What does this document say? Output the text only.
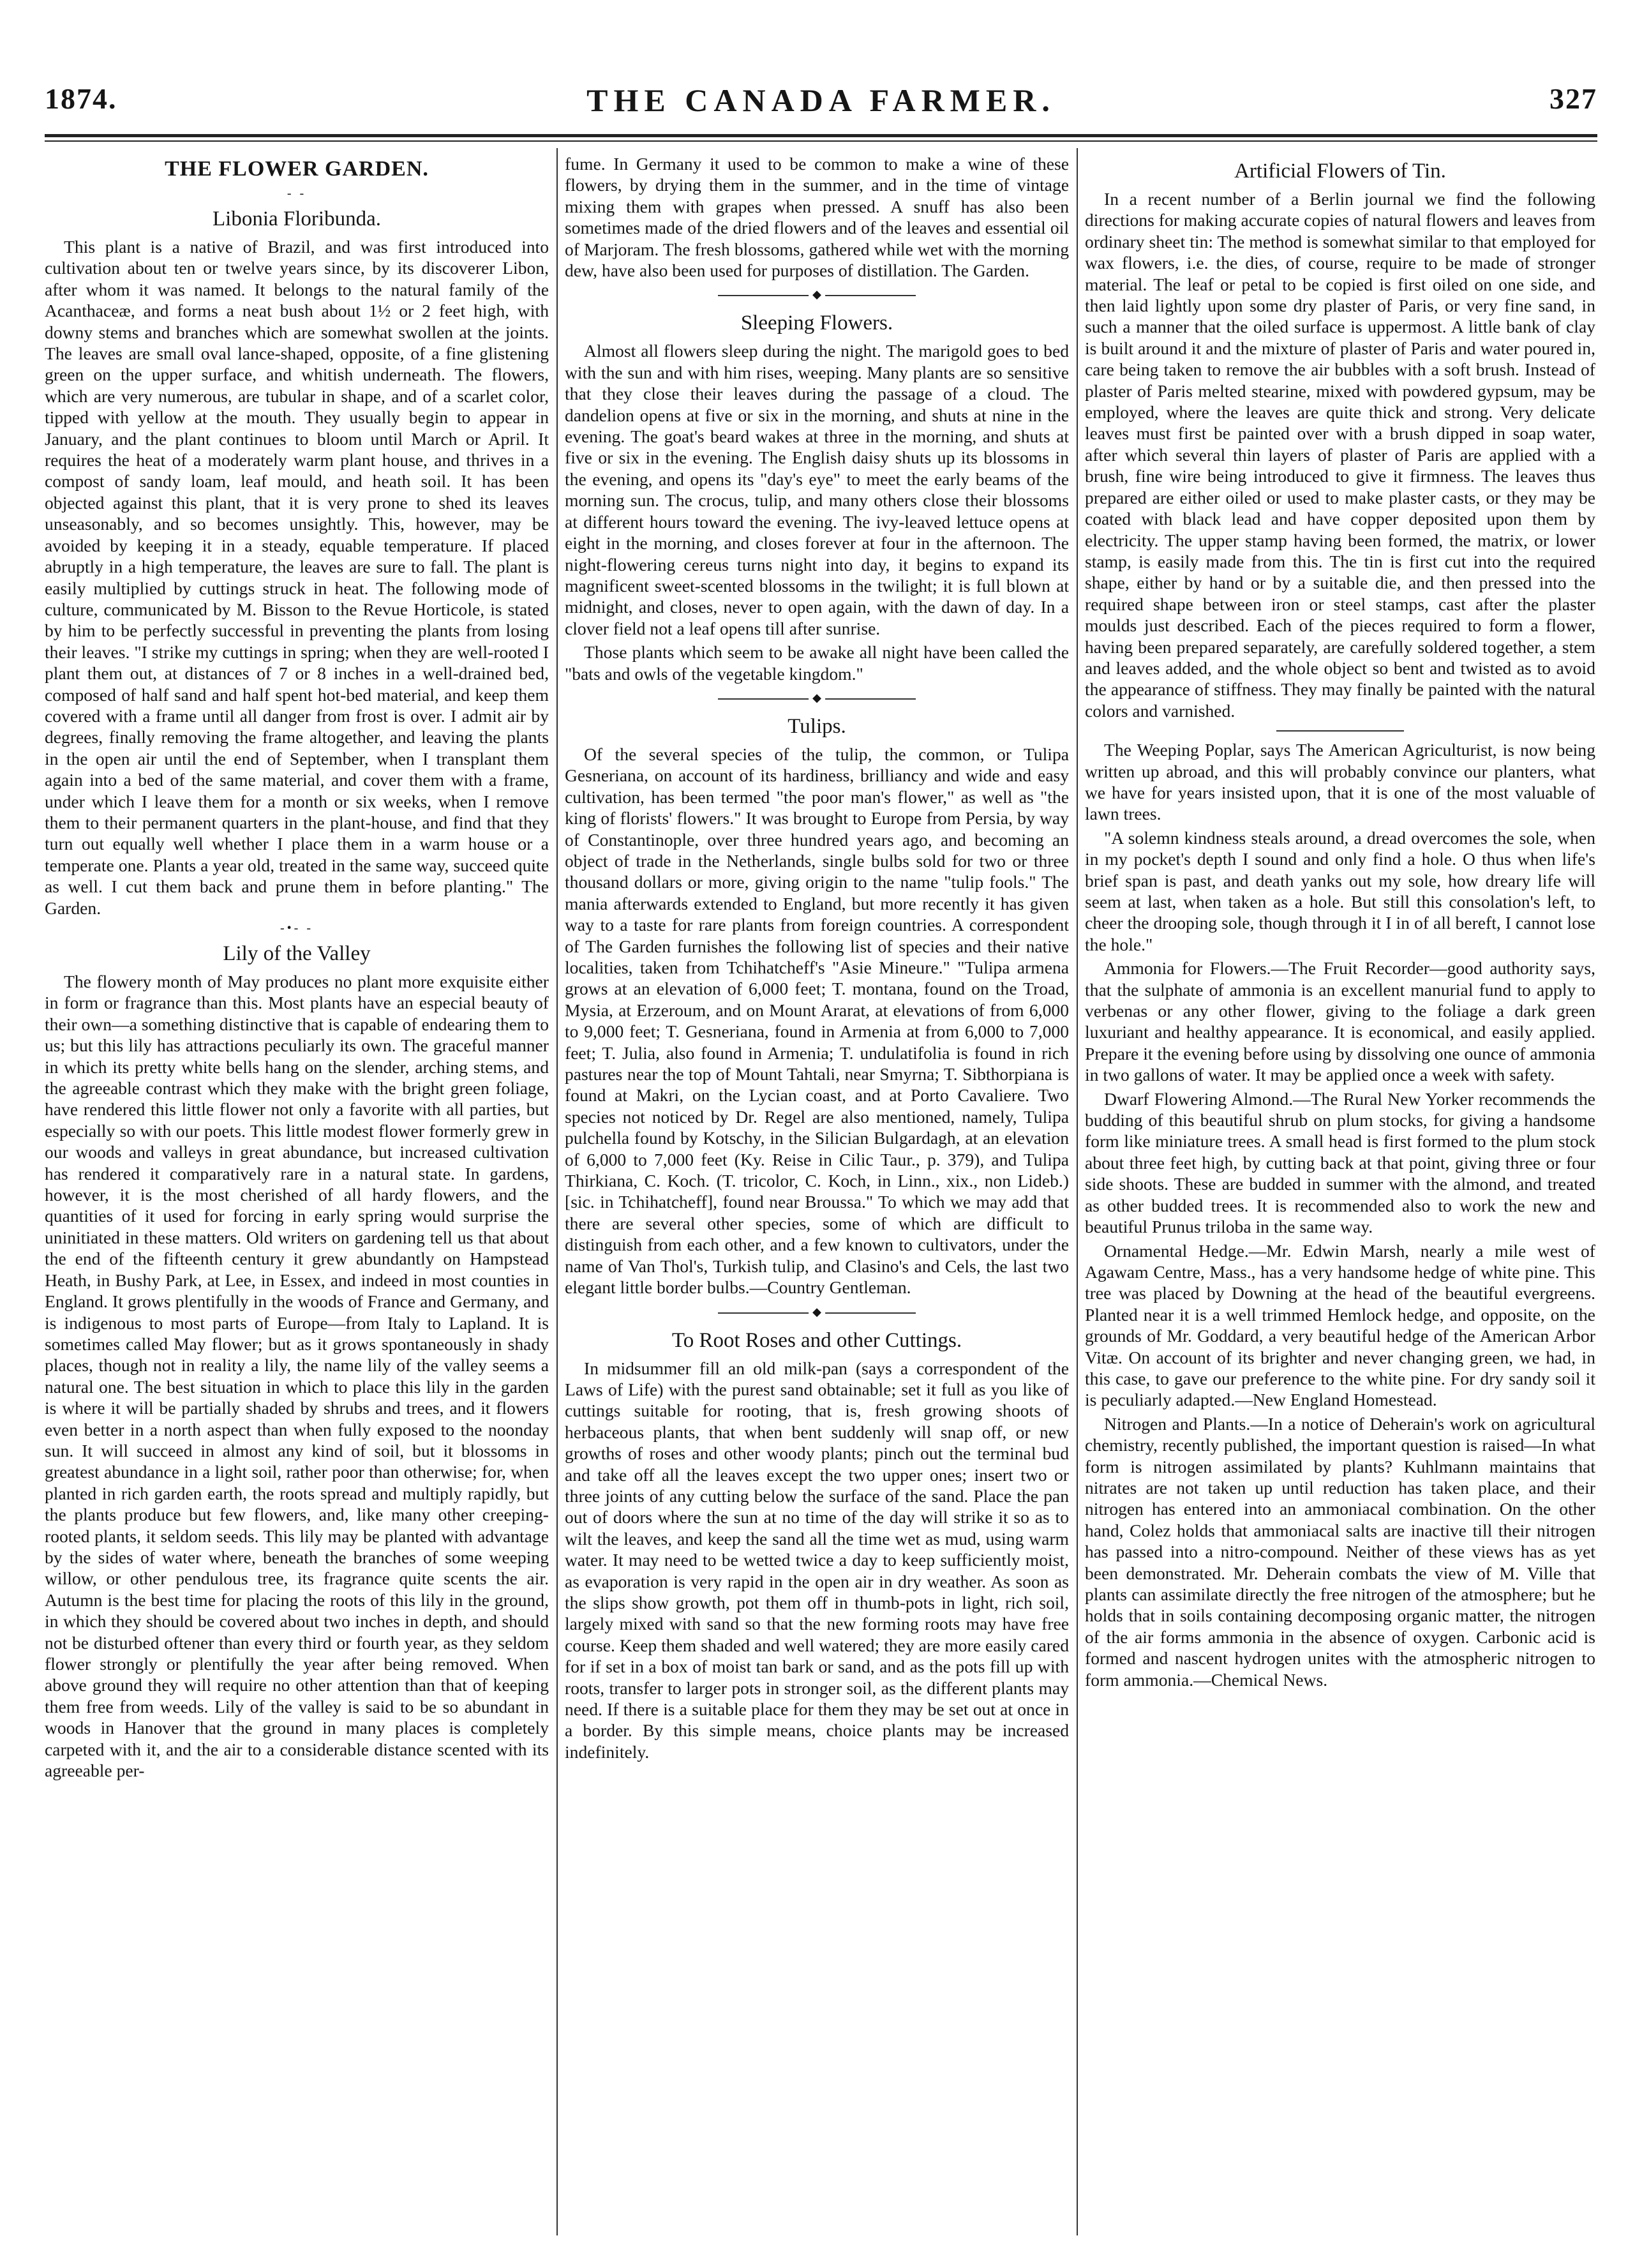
1874.	THE CANADA FARMER.	327
THE FLOWER GARDEN.
- -
Libonia Floribunda.

This plant is a native of Brazil, and was first introduced into cultivation about ten or twelve years since, by its discoverer Libon, after whom it was named. It belongs to the natural family of the Acanthaceæ, and forms a neat bush about 1½ or 2 feet high, with downy stems and branches which are somewhat swollen at the joints. The leaves are small oval lance-shaped, opposite, of a fine glistening green on the upper surface, and whitish underneath. The flowers, which are very numerous, are tubular in shape, and of a scarlet color, tipped with yellow at the mouth. They usually begin to appear in January, and the plant continues to bloom until March or April. It requires the heat of a moderately warm plant house, and thrives in a compost of sandy loam, leaf mould, and heath soil. It has been objected against this plant, that it is very prone to shed its leaves unseasonably, and so becomes unsightly. This, however, may be avoided by keeping it in a steady, equable temperature. If placed abruptly in a high temperature, the leaves are sure to fall. The plant is easily multiplied by cuttings struck in heat. The following mode of culture, communicated by M. Bisson to the Revue Horticole, is stated by him to be perfectly successful in preventing the plants from losing their leaves. "I strike my cuttings in spring; when they are well-rooted I plant them out, at distances of 7 or 8 inches in a well-drained bed, composed of half sand and half spent hot-bed material, and keep them covered with a frame until all danger from frost is over. I admit air by degrees, finally removing the frame altogether, and leaving the plants in the open air until the end of September, when I transplant them again into a bed of the same material, and cover them with a frame, under which I leave them for a month or six weeks, when I remove them to their permanent quarters in the plant-house, and find that they turn out equally well whether I place them in a warm house or a temperate one. Plants a year old, treated in the same way, succeed quite as well. I cut them back and prune them in before planting." The Garden.

-•- -
Lily of the Valley

The flowery month of May produces no plant more exquisite either in form or fragrance than this. Most plants have an especial beauty of their own—a something distinctive that is capable of endearing them to us; but this lily has attractions peculiarly its own. The graceful manner in which its pretty white bells hang on the slender, arching stems, and the agreeable contrast which they make with the bright green foliage, have rendered this little flower not only a favorite with all parties, but especially so with our poets. This little modest flower formerly grew in our woods and valleys in great abundance, but increased cultivation has rendered it comparatively rare in a natural state. In gardens, however, it is the most cherished of all hardy flowers, and the quantities of it used for forcing in early spring would surprise the uninitiated in these matters. Old writers on gardening tell us that about the end of the fifteenth century it grew abundantly on Hampstead Heath, in Bushy Park, at Lee, in Essex, and indeed in most counties in England. It grows plentifully in the woods of France and Germany, and is indigenous to most parts of Europe—from Italy to Lapland. It is sometimes called May flower; but as it grows spontaneously in shady places, though not in reality a lily, the name lily of the valley seems a natural one. The best situation in which to place this lily in the garden is where it will be partially shaded by shrubs and trees, and it flowers even better in a north aspect than when fully exposed to the noonday sun. It will succeed in almost any kind of soil, but it blossoms in greatest abundance in a light soil, rather poor than otherwise; for, when planted in rich garden earth, the roots spread and multiply rapidly, but the plants produce but few flowers, and, like many other creeping-rooted plants, it seldom seeds. This lily may be planted with advantage by the sides of water where, beneath the branches of some weeping willow, or other pendulous tree, its fragrance quite scents the air. Autumn is the best time for placing the roots of this lily in the ground, in which they should be covered about two inches in depth, and should not be disturbed oftener than every third or fourth year, as they seldom flower strongly or plentifully the year after being removed. When above ground they will require no other attention than that of keeping them free from weeds. Lily of the valley is said to be so abundant in woods in Hanover that the ground in many places is completely carpeted with it, and the air to a considerable distance scented with its agreeable per-

fume. In Germany it used to be common to make a wine of these flowers, by drying them in the summer, and in the time of vintage mixing them with grapes when pressed. A snuff has also been sometimes made of the dried flowers and of the leaves and essential oil of Marjoram. The fresh blossoms, gathered while wet with the morning dew, have also been used for purposes of distillation. The Garden.

◆
Sleeping Flowers.

Almost all flowers sleep during the night. The marigold goes to bed with the sun and with him rises, weeping. Many plants are so sensitive that they close their leaves during the passage of a cloud. The dandelion opens at five or six in the morning, and shuts at nine in the evening. The goat's beard wakes at three in the morning, and shuts at five or six in the evening. The English daisy shuts up its blossoms in the evening, and opens its "day's eye" to meet the early beams of the morning sun. The crocus, tulip, and many others close their blossoms at different hours toward the evening. The ivy-leaved lettuce opens at eight in the morning, and closes forever at four in the afternoon. The night-flowering cereus turns night into day, it begins to expand its magnificent sweet-scented blossoms in the twilight; it is full blown at midnight, and closes, never to open again, with the dawn of day. In a clover field not a leaf opens till after sunrise.

Those plants which seem to be awake all night have been called the "bats and owls of the vegetable kingdom."

◆
Tulips.

Of the several species of the tulip, the common, or Tulipa Gesneriana, on account of its hardiness, brilliancy and wide and easy cultivation, has been termed "the poor man's flower," as well as "the king of florists' flowers." It was brought to Europe from Persia, by way of Constantinople, over three hundred years ago, and becoming an object of trade in the Netherlands, single bulbs sold for two or three thousand dollars or more, giving origin to the name "tulip fools." The mania afterwards extended to England, but more recently it has given way to a taste for rare plants from foreign countries. A correspondent of The Garden furnishes the following list of species and their native localities, taken from Tchihatcheff's "Asie Mineure." "Tulipa armena grows at an elevation of 6,000 feet; T. montana, found on the Troad, Mysia, at Erzeroum, and on Mount Ararat, at elevations of from 6,000 to 9,000 feet; T. Gesneriana, found in Armenia at from 6,000 to 7,000 feet; T. Julia, also found in Armenia; T. undulatifolia is found in rich pastures near the top of Mount Tahtali, near Smyrna; T. Sibthorpiana is found at Makri, on the Lycian coast, and at Porto Cavaliere. Two species not noticed by Dr. Regel are also mentioned, namely, Tulipa pulchella found by Kotschy, in the Silician Bulgardagh, at an elevation of 6,000 to 7,000 feet (Ky. Reise in Cilic Taur., p. 379), and Tulipa Thirkiana, C. Koch. (T. tricolor, C. Koch, in Linn., xix., non Lideb.) [sic. in Tchihatcheff], found near Broussa." To which we may add that there are several other species, some of which are difficult to distinguish from each other, and a few known to cultivators, under the name of Van Thol's, Turkish tulip, and Clasino's and Cels, the last two elegant little border bulbs.—Country Gentleman.

◆
To Root Roses and other Cuttings.

In midsummer fill an old milk-pan (says a correspondent of the Laws of Life) with the purest sand obtainable; set it full as you like of cuttings suitable for rooting, that is, fresh growing shoots of herbaceous plants, that when bent suddenly will snap off, or new growths of roses and other woody plants; pinch out the terminal bud and take off all the leaves except the two upper ones; insert two or three joints of any cutting below the surface of the sand. Place the pan out of doors where the sun at no time of the day will strike it so as to wilt the leaves, and keep the sand all the time wet as mud, using warm water. It may need to be wetted twice a day to keep sufficiently moist, as evaporation is very rapid in the open air in dry weather. As soon as the slips show growth, pot them off in thumb-pots in light, rich soil, largely mixed with sand so that the new forming roots may have free course. Keep them shaded and well watered; they are more easily cared for if set in a box of moist tan bark or sand, and as the pots fill up with roots, transfer to larger pots in stronger soil, as the different plants may need. If there is a suitable place for them they may be set out at once in a border. By this simple means, choice plants may be increased indefinitely.

Artificial Flowers of Tin.

In a recent number of a Berlin journal we find the following directions for making accurate copies of natural flowers and leaves from ordinary sheet tin: The method is somewhat similar to that employed for wax flowers, i.e. the dies, of course, require to be made of stronger material. The leaf or petal to be copied is first oiled on one side, and then laid lightly upon some dry plaster of Paris, or very fine sand, in such a manner that the oiled surface is uppermost. A little bank of clay is built around it and the mixture of plaster of Paris and water poured in, care being taken to remove the air bubbles with a soft brush. Instead of plaster of Paris melted stearine, mixed with powdered gypsum, may be employed, where the leaves are quite thick and strong. Very delicate leaves must first be painted over with a brush dipped in soap water, after which several thin layers of plaster of Paris are applied with a brush, fine wire being introduced to give it firmness. The leaves thus prepared are either oiled or used to make plaster casts, or they may be coated with black lead and have copper deposited upon them by electricity. The upper stamp having been formed, the matrix, or lower stamp, is easily made from this. The tin is first cut into the required shape, either by hand or by a suitable die, and then pressed into the required shape between iron or steel stamps, cast after the plaster moulds just described. Each of the pieces required to form a flower, having been prepared separately, are carefully soldered together, a stem and leaves added, and the whole object so bent and twisted as to avoid the appearance of stiffness. They may finally be painted with the natural colors and varnished.

The Weeping Poplar, says The American Agriculturist, is now being written up abroad, and this will probably convince our planters, what we have for years insisted upon, that it is one of the most valuable of lawn trees.

"A solemn kindness steals around, a dread overcomes the sole, when in my pocket's depth I sound and only find a hole. O thus when life's brief span is past, and death yanks out my sole, how dreary life will seem at last, when taken as a hole. But still this consolation's left, to cheer the drooping sole, though through it I in of all bereft, I cannot lose the hole."

Ammonia for Flowers.—The Fruit Recorder—good authority says, that the sulphate of ammonia is an excellent manurial fund to apply to verbenas or any other flower, giving to the foliage a dark green luxuriant and healthy appearance. It is economical, and easily applied. Prepare it the evening before using by dissolving one ounce of ammonia in two gallons of water. It may be applied once a week with safety.

Dwarf Flowering Almond.—The Rural New Yorker recommends the budding of this beautiful shrub on plum stocks, for giving a handsome form like miniature trees. A small head is first formed to the plum stock about three feet high, by cutting back at that point, giving three or four side shoots. These are budded in summer with the almond, and treated as other budded trees. It is recommended also to work the new and beautiful Prunus triloba in the same way.

Ornamental Hedge.—Mr. Edwin Marsh, nearly a mile west of Agawam Centre, Mass., has a very handsome hedge of white pine. This tree was placed by Downing at the head of the beautiful evergreens. Planted near it is a well trimmed Hemlock hedge, and opposite, on the grounds of Mr. Goddard, a very beautiful hedge of the American Arbor Vitæ. On account of its brighter and never changing green, we had, in this case, to gave our preference to the white pine. For dry sandy soil it is peculiarly adapted.—New England Homestead.

Nitrogen and Plants.—In a notice of Deherain's work on agricultural chemistry, recently published, the important question is raised—In what form is nitrogen assimilated by plants? Kuhlmann maintains that nitrates are not taken up until reduction has taken place, and their nitrogen has entered into an ammoniacal combination. On the other hand, Colez holds that ammoniacal salts are inactive till their nitrogen has passed into a nitro-compound. Neither of these views has as yet been demonstrated. Mr. Deherain combats the view of M. Ville that plants can assimilate directly the free nitrogen of the atmosphere; but he holds that in soils containing decomposing organic matter, the nitrogen of the air forms ammonia in the absence of oxygen. Carbonic acid is formed and nascent hydrogen unites with the atmospheric nitrogen to form ammonia.—Chemical News.
